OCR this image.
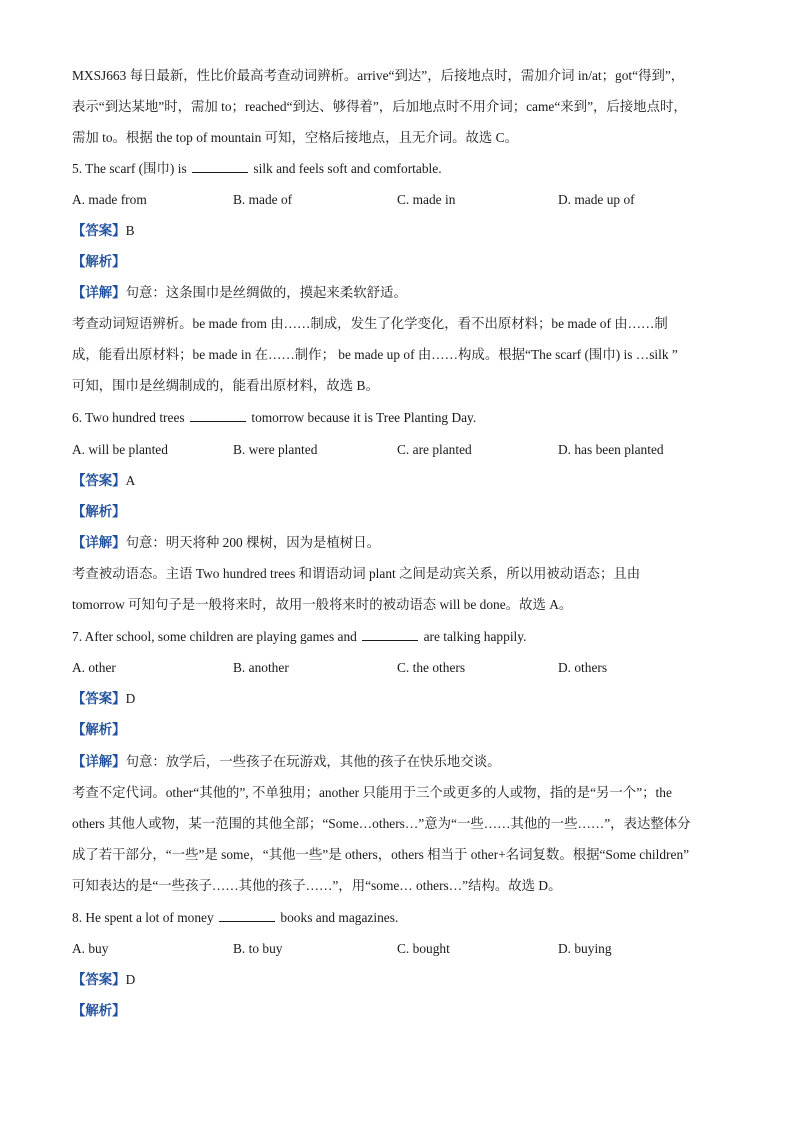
MXSJ663 每日最新，性比价最高考查动词辨析。arrive“到达”，后接地点时，需加介词 in/at；got“得到”，
表示“到达某地”时，需加 to；reached“到达、够得着”，后加地点时不用介词；came“来到”，后接地点时，
需加 to。根据 the top of mountain 可知，空格后接地点，且无介词。故选 C。
5. The scarf (围巾) is	silk and feels soft and comfortable.
A. made from	B. made of	C. made in	D. made up of
【答案】B
【解析】
【详解】句意：这条围巾是丝绸做的，摸起来柔软舒适。
考查动词短语辨析。be made from 由……制成，发生了化学变化，看不出原材料；be made of 由……制
成，能看出原材料；be made in 在……制作； be made up of 由……构成。根据“The scarf (围巾) is …silk ”
可知，围巾是丝绸制成的，能看出原材料，故选 B。
6. Two hundred trees	tomorrow because it is Tree Planting Day.
A. will be planted	B. were planted	C. are planted	D. has been planted
【答案】A
【解析】
【详解】句意：明天将种 200 棵树，因为是植树日。
考查被动语态。主语 Two hundred trees 和谓语动词 plant 之间是动宾关系，所以用被动语态；且由
tomorrow 可知句子是一般将来时，故用一般将来时的被动语态 will be done。故选 A。
7. After school, some children are playing games and	are talking happily.
A. other	B. another	C. the others	D. others
【答案】D
【解析】
【详解】句意：放学后，一些孩子在玩游戏，其他的孩子在快乐地交谈。
考查不定代词。other“其他的”, 不单独用；another 只能用于三个或更多的人或物，指的是“另一个”；the
others 其他人或物，某一范围的其他全部；“Some…others…”意为“一些……其他的一些……”，表达整体分
成了若干部分，“一些”是 some，“其他一些”是 others，others 相当于 other+名词复数。根据“Some children”
可知表达的是“一些孩子……其他的孩子……”，用“some… others…”结构。故选 D。
8. He spent a lot of money	books and magazines.
A. buy	B. to buy	C. bought	D. buying
【答案】D
【解析】
